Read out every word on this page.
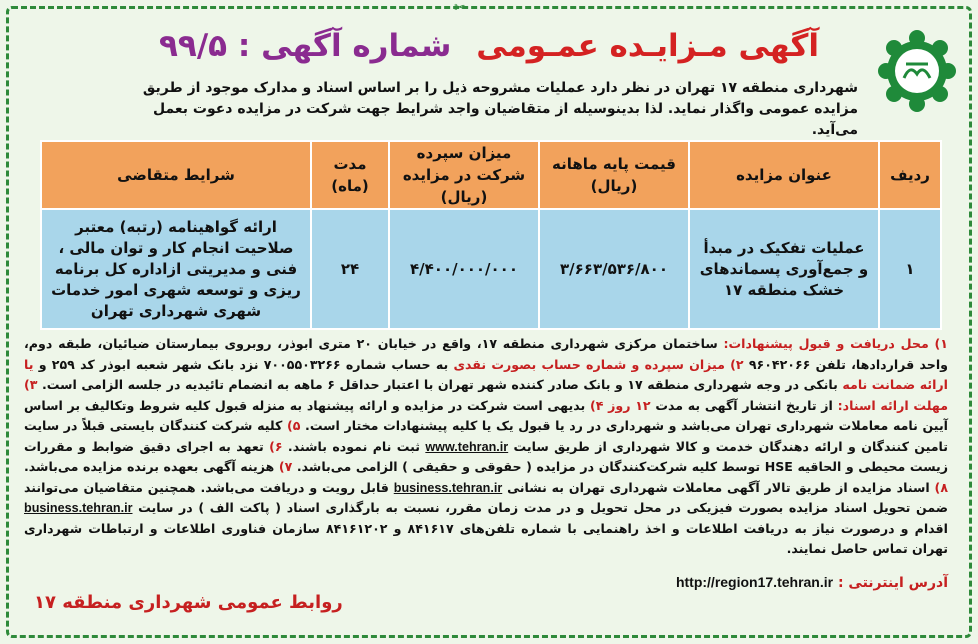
✂
آگهی مـزایـده عمـومی شماره آگهی : ۹۹/۵
شهرداری منطقه ۱۷ تهران در نظر دارد عملیات مشروحه ذیل را بر اساس اسناد و مدارک موجود از طریق مزایده عمومی واگذار نماید. لذا بدینوسیله از متقاضیان واجد شرایط جهت شرکت در مزایده دعوت بعمل می‌آید.
ردیف	عنوان مزایده	قیمت پایه ماهانه (ریال)	میزان سپرده شرکت در مزایده (ریال)	مدت (ماه)	شرایط متقاضی
۱	عملیات تفکیک در مبدأ و جمع‌آوری پسماندهای خشک منطقه ۱۷	۳/۶۶۳/۵۳۶/۸۰۰	۴/۴۰۰/۰۰۰/۰۰۰	۲۴	ارائه گواهینامه (رتبه) معتبر صلاحیت انجام کار و توان مالی ، فنی و مدیریتی ازاداره کل برنامه ریزی و توسعه شهری امور خدمات شهری شهرداری تهران
۱) محل دریافت و قبول پیشنهادات: ساختمان مرکزی شهرداری منطقه ۱۷، واقع در خیابان ۲۰ متری ابوذر، روبروی بیمارستان ضیائیان، طبقه دوم، واحد قراردادها، تلفن ۹۶۰۴۲۰۶۶ ۲) میزان سپرده و شماره حساب بصورت نقدی به حساب شماره ۷۰۰۵۵۰۳۲۶۶ نزد بانک شهر شعبه ابوذر کد ۲۵۹ و یا ارائه ضمانت نامه بانکی در وجه شهرداری منطقه ۱۷ و بانک صادر کننده شهر تهران با اعتبار حداقل ۶ ماهه به انضمام تائیدیه در جلسه الزامی است. ۳) مهلت ارائه اسناد: از تاریخ انتشار آگهی به مدت ۱۲ روز ۴) بدیهی است شرکت در مزایده و ارائه پیشنهاد به منزله قبول کلیه شروط وتکالیف بر اساس آیین نامه معاملات شهرداری تهران می‌باشد و شهرداری در رد یا قبول یک یا کلیه پیشنهادات مختار است. ۵) کلیه شرکت کنندگان بایستی قبلاً در سایت تامین کنندگان و ارائه دهندگان خدمت و کالا شهرداری از طریق سایت www.tehran.ir ثبت نام نموده باشند. ۶) تعهد به اجرای دقیق ضوابط و مقررات زیست محیطی و الحاقیه HSE توسط کلیه شرکت‌کنندگان در مزایده ( حقوقی و حقیقی ) الزامی می‌باشد. ۷) هزینه آگهی بعهده برنده مزایده می‌باشد. ۸) اسناد مزایده از طریق تالار آگهی معاملات شهرداری تهران به نشانی business.tehran.ir قابل رویت و دریافت می‌باشد. همچنین متقاضیان می‌توانند ضمن تحویل اسناد مزایده بصورت فیزیکی در محل تحویل و در مدت زمان مقرر، نسبت به بارگذاری اسناد ( پاکت الف ) در سایت business.tehran.ir اقدام و درصورت نیاز به دریافت اطلاعات و اخذ راهنمایی با شماره تلفن‌های ۸۴۱۶۱۷ و ۸۴۱۶۱۲۰۲ سازمان فناوری اطلاعات و ارتباطات شهرداری تهران تماس حاصل نمایند.
آدرس اینترنتی : http://region17.tehran.ir
روابط عمومی شهرداری منطقه ۱۷
